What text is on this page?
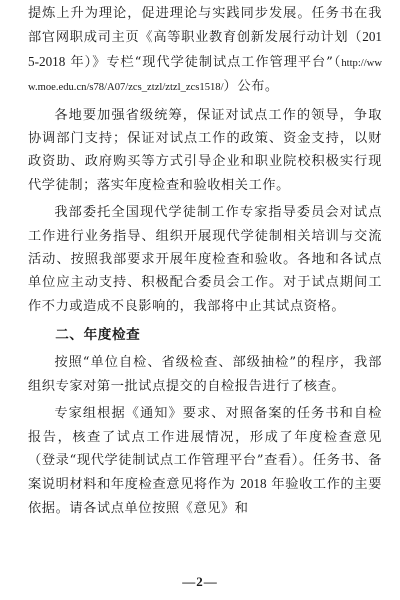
提炼上升为理论，促进理论与实践同步发展。任务书在我部官网职成司主页《高等职业教育创新发展行动计划（2015-2018 年）》专栏“现代学徒制试点工作管理平台”（http://www.moe.edu.cn/s78/A07/zcs_ztzl/ztzl_zcs1518/）公布。

各地要加强省级统筹，保证对试点工作的领导，争取协调部门支持；保证对试点工作的政策、资金支持，以财政资助、政府购买等方式引导企业和职业院校积极实行现代学徒制；落实年度检查和验收相关工作。

我部委托全国现代学徒制工作专家指导委员会对试点工作进行业务指导、组织开展现代学徒制相关培训与交流活动、按照我部要求开展年度检查和验收。各地和各试点单位应主动支持、积极配合委员会工作。对于试点期间工作不力或造成不良影响的，我部将中止其试点资格。

二、年度检查

按照“单位自检、省级检查、部级抽检”的程序，我部组织专家对第一批试点提交的自检报告进行了核查。

专家组根据《通知》要求、对照备案的任务书和自检报告，核查了试点工作进展情况，形成了年度检查意见（登录“现代学徒制试点工作管理平台”查看）。任务书、备案说明材料和年度检查意见将作为 2018 年验收工作的主要依据。请各试点单位按照《意见》和

—2—
